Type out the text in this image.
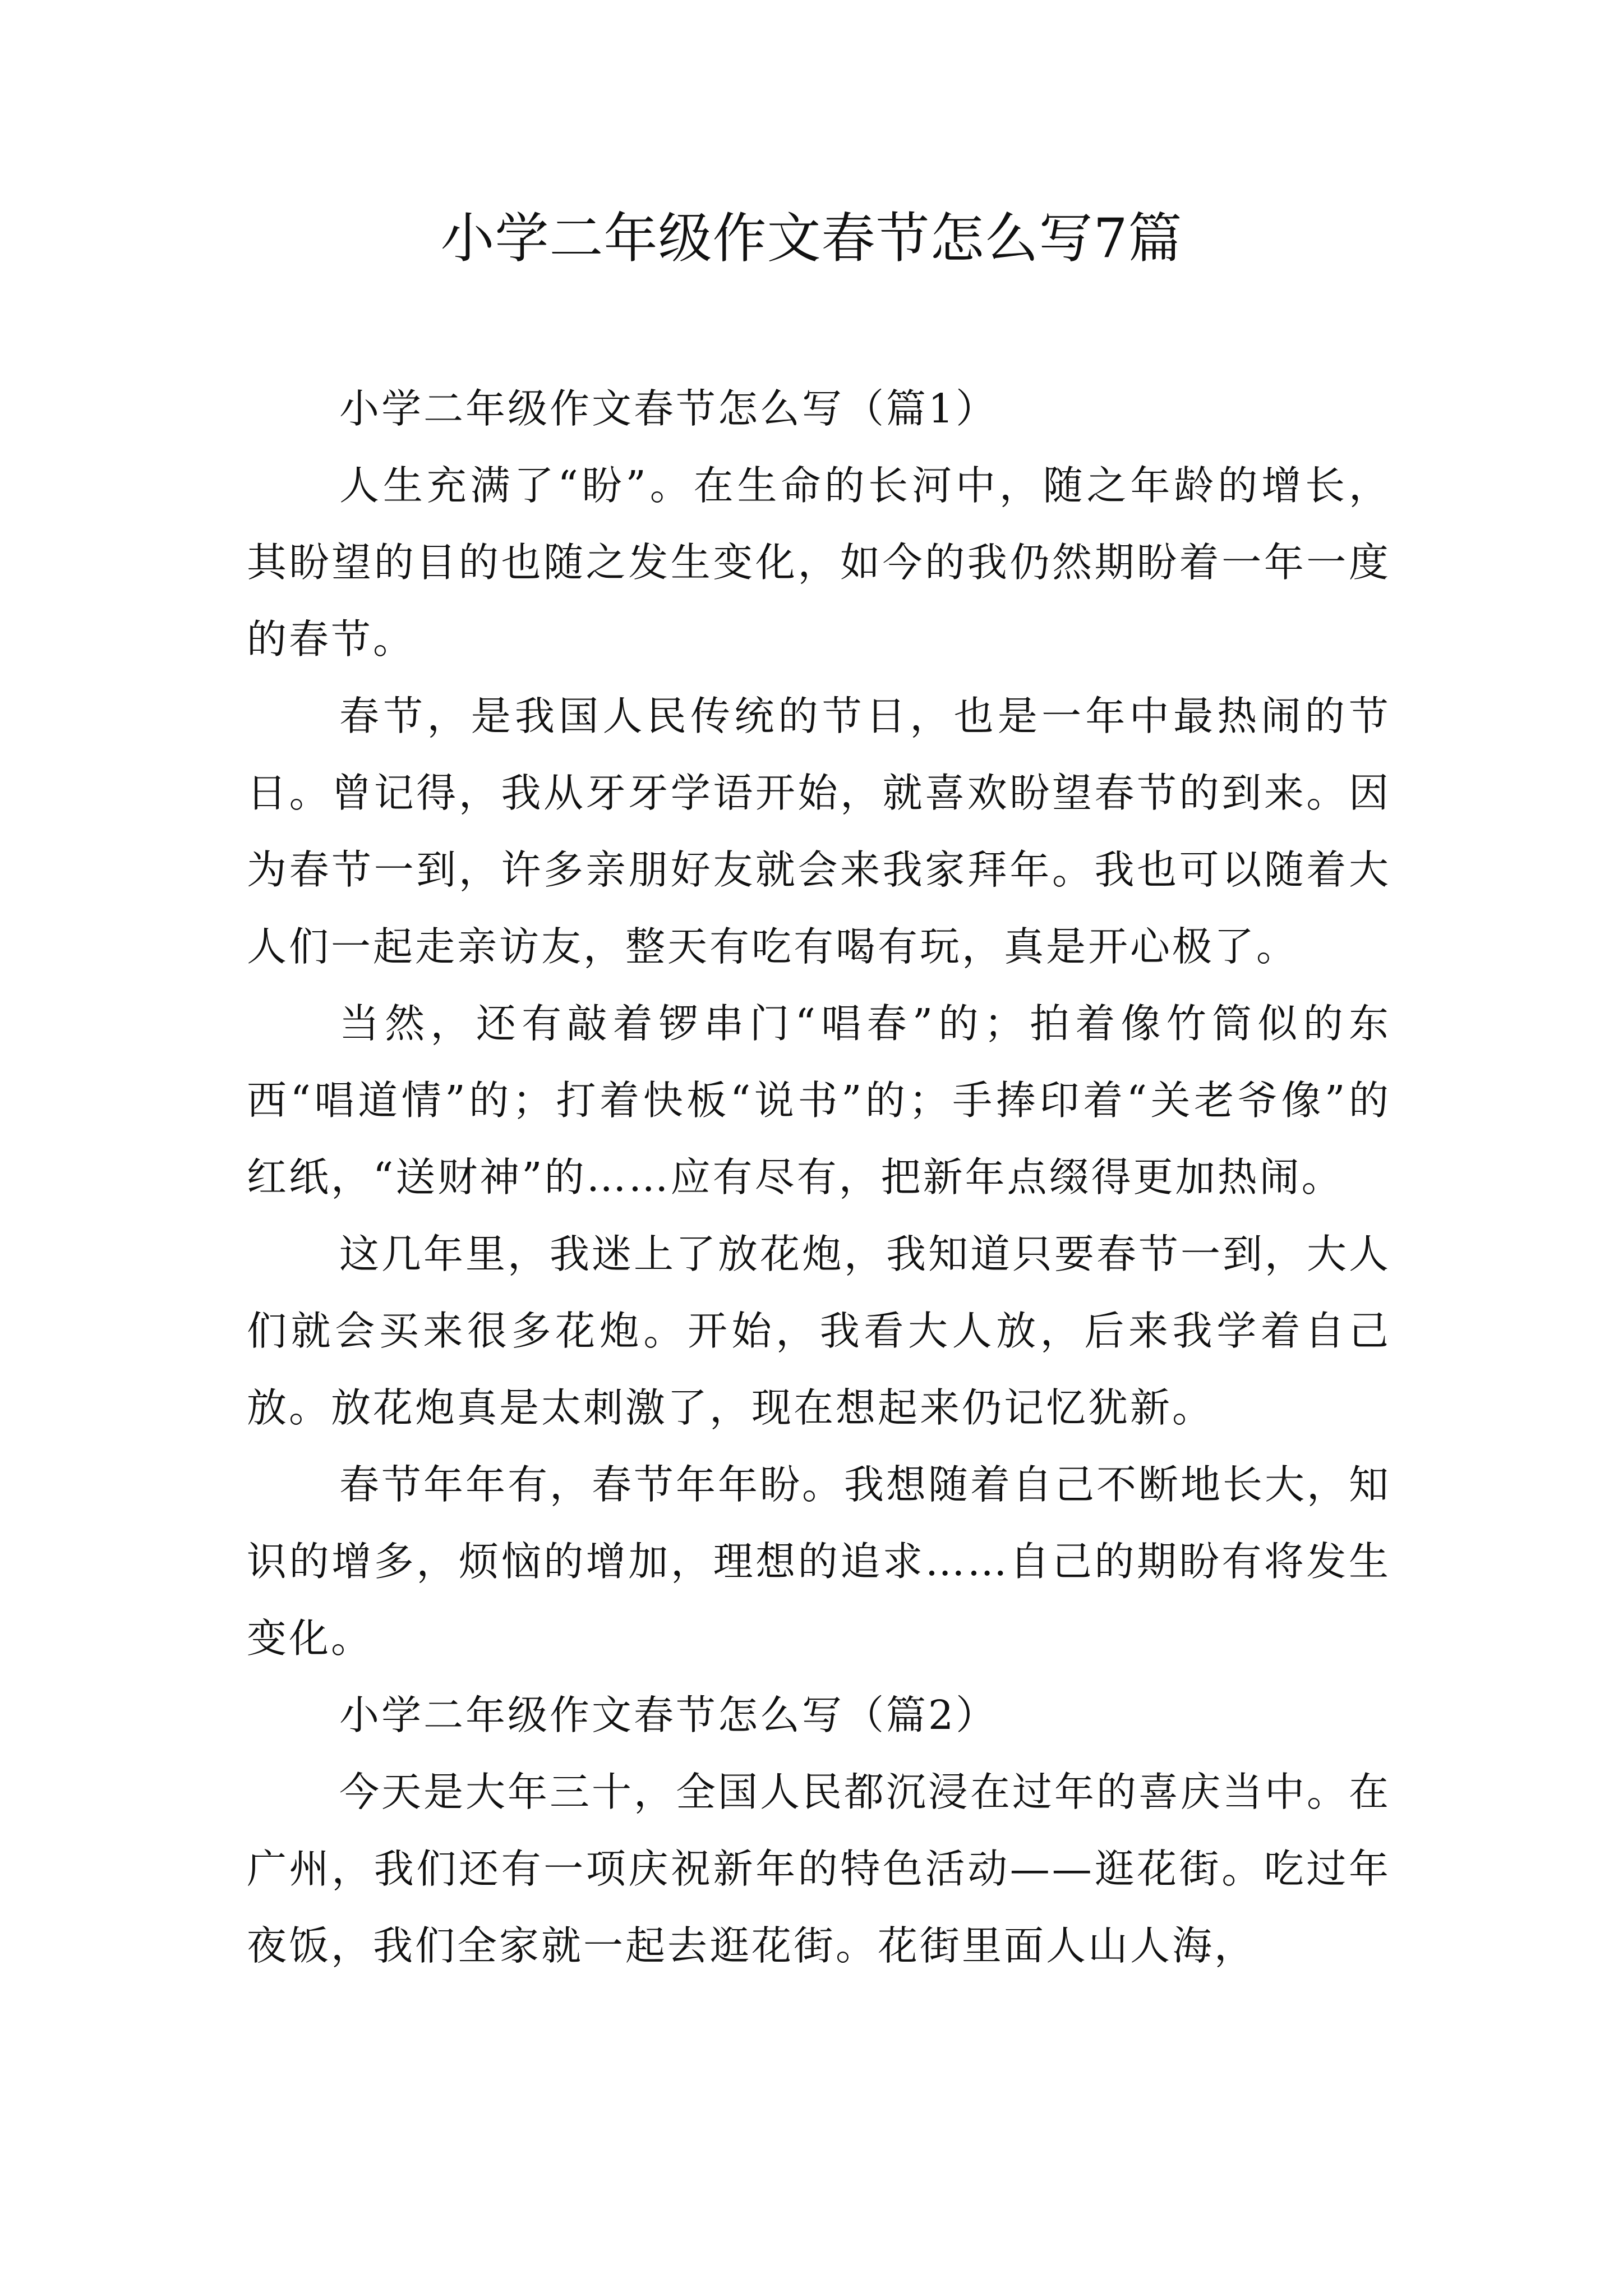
小学二年级作文春节怎么写7篇

小学二年级作文春节怎么写（篇1）

人生充满了“盼”。在生命的长河中，随之年龄的增长，其盼望的目的也随之发生变化，如今的我仍然期盼着一年一度的春节。

春节，是我国人民传统的节日，也是一年中最热闹的节日。曾记得，我从牙牙学语开始，就喜欢盼望春节的到来。因为春节一到，许多亲朋好友就会来我家拜年。我也可以随着大人们一起走亲访友，整天有吃有喝有玩，真是开心极了。

当然，还有敲着锣串门“唱春”的；拍着像竹筒似的东西“唱道情”的；打着快板“说书”的；手捧印着“关老爷像”的红纸，“送财神”的……应有尽有，把新年点缀得更加热闹。

这几年里，我迷上了放花炮，我知道只要春节一到，大人们就会买来很多花炮。开始，我看大人放，后来我学着自己放。放花炮真是太刺激了，现在想起来仍记忆犹新。

春节年年有，春节年年盼。我想随着自己不断地长大，知识的增多，烦恼的增加，理想的追求……自己的期盼有将发生变化。

小学二年级作文春节怎么写（篇2）

今天是大年三十，全国人民都沉浸在过年的喜庆当中。在广州，我们还有一项庆祝新年的特色活动——逛花街。吃过年夜饭，我们全家就一起去逛花街。花街里面人山人海，
